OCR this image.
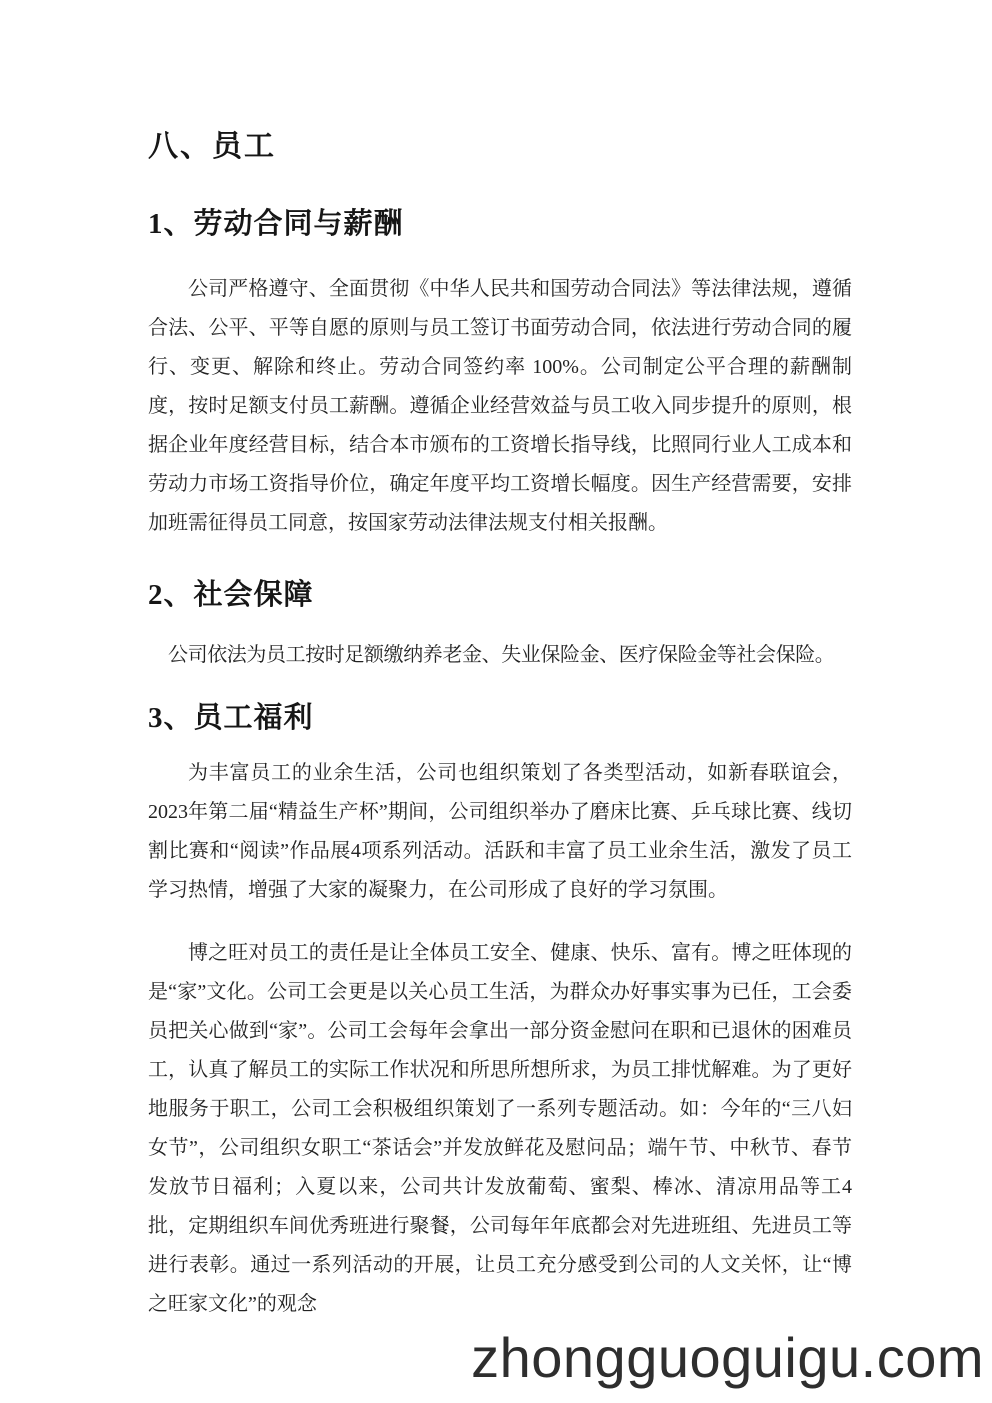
八、员工
1、劳动合同与薪酬

公司严格遵守、全面贯彻《中华人民共和国劳动合同法》等法律法规，遵循合法、公平、平等自愿的原则与员工签订书面劳动合同，依法进行劳动合同的履行、变更、解除和终止。劳动合同签约率 100%。公司制定公平合理的薪酬制度，按时足额支付员工薪酬。遵循企业经营效益与员工收入同步提升的原则，根据企业年度经营目标，结合本市颁布的工资增长指导线，比照同行业人工成本和劳动力市场工资指导价位，确定年度平均工资增长幅度。因生产经营需要，安排加班需征得员工同意，按国家劳动法律法规支付相关报酬。

2、社会保障

公司依法为员工按时足额缴纳养老金、失业保险金、医疗保险金等社会保险。

3、员工福利

为丰富员工的业余生活，公司也组织策划了各类型活动，如新春联谊会，2023年第二届“精益生产杯”期间，公司组织举办了磨床比赛、乒乓球比赛、线切割比赛和“阅读”作品展4项系列活动。活跃和丰富了员工业余生活，激发了员工学习热情，增强了大家的凝聚力，在公司形成了良好的学习氛围。

博之旺对员工的责任是让全体员工安全、健康、快乐、富有。博之旺体现的是“家”文化。公司工会更是以关心员工生活，为群众办好事实事为已任，工会委员把关心做到“家”。公司工会每年会拿出一部分资金慰问在职和已退休的困难员工，认真了解员工的实际工作状况和所思所想所求，为员工排忧解难。为了更好地服务于职工，公司工会积极组织策划了一系列专题活动。如：今年的“三八妇女节”，公司组织女职工“茶话会”并发放鲜花及慰问品；端午节、中秋节、春节发放节日福利；入夏以来，公司共计发放葡萄、蜜梨、棒冰、清凉用品等工4批，定期组织车间优秀班进行聚餐，公司每年年底都会对先进班组、先进员工等进行表彰。通过一系列活动的开展，让员工充分感受到公司的人文关怀，让“博之旺家文化”的观念

zhongguoguigu.com
